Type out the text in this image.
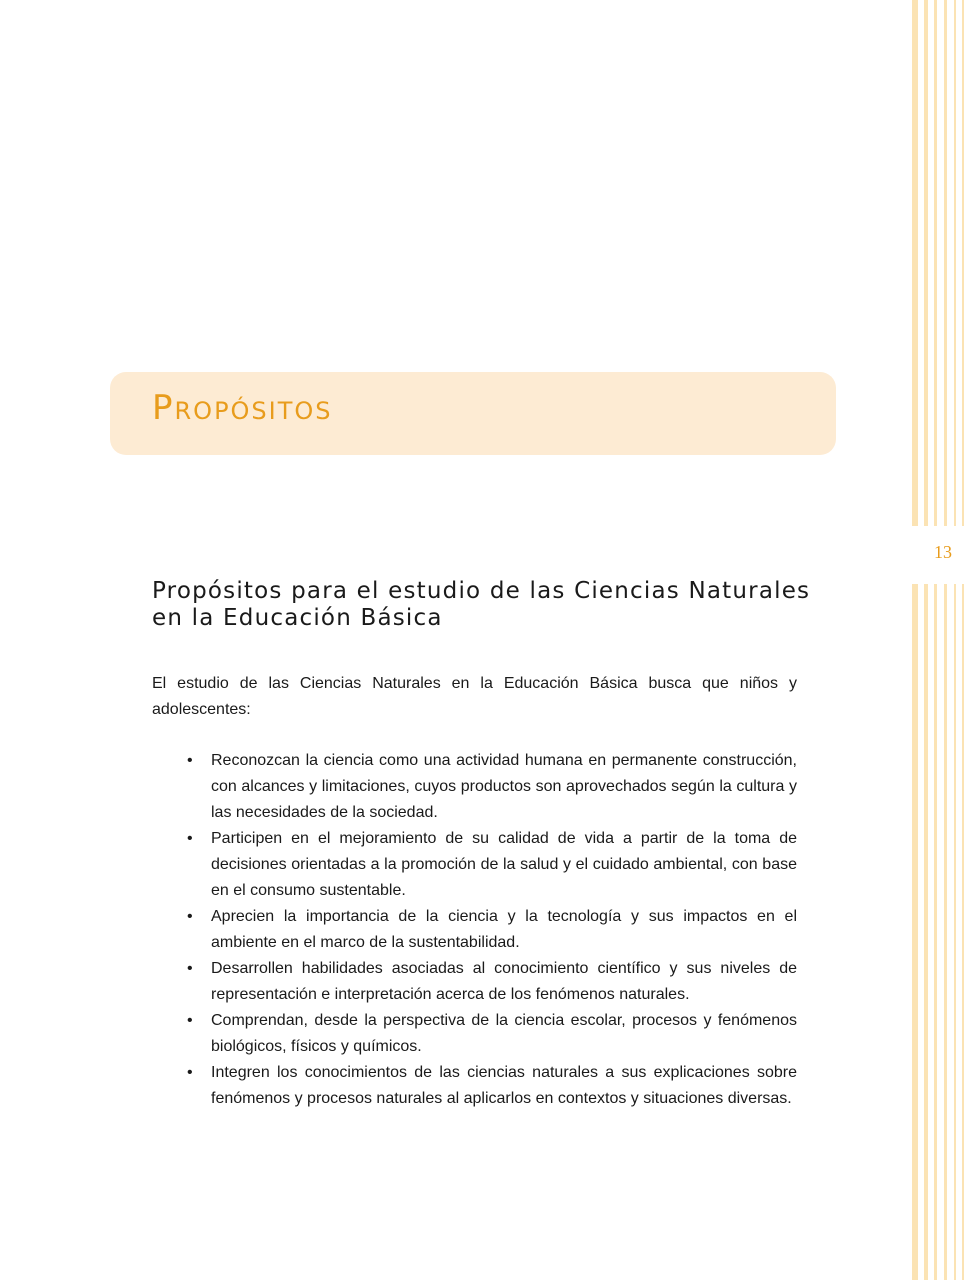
13
Propósitos
Propósitos para el estudio de las Ciencias Naturales
en la Educación Básica

El estudio de las Ciencias Naturales en la Educación Básica busca que niños y adolescentes:

• Reconozcan la ciencia como una actividad humana en permanente construcción, con alcances y limitaciones, cuyos productos son aprovechados según la cultura y las necesidades de la sociedad.
• Participen en el mejoramiento de su calidad de vida a partir de la toma de decisiones orientadas a la promoción de la salud y el cuidado ambiental, con base en el consumo sustentable.
• Aprecien la importancia de la ciencia y la tecnología y sus impactos en el ambiente en el marco de la sustentabilidad.
• Desarrollen habilidades asociadas al conocimiento científico y sus niveles de representación e interpretación acerca de los fenómenos naturales.
• Comprendan, desde la perspectiva de la ciencia escolar, procesos y fenómenos biológicos, físicos y químicos.
• Integren los conocimientos de las ciencias naturales a sus explicaciones sobre fenómenos y procesos naturales al aplicarlos en contextos y situaciones diversas.
